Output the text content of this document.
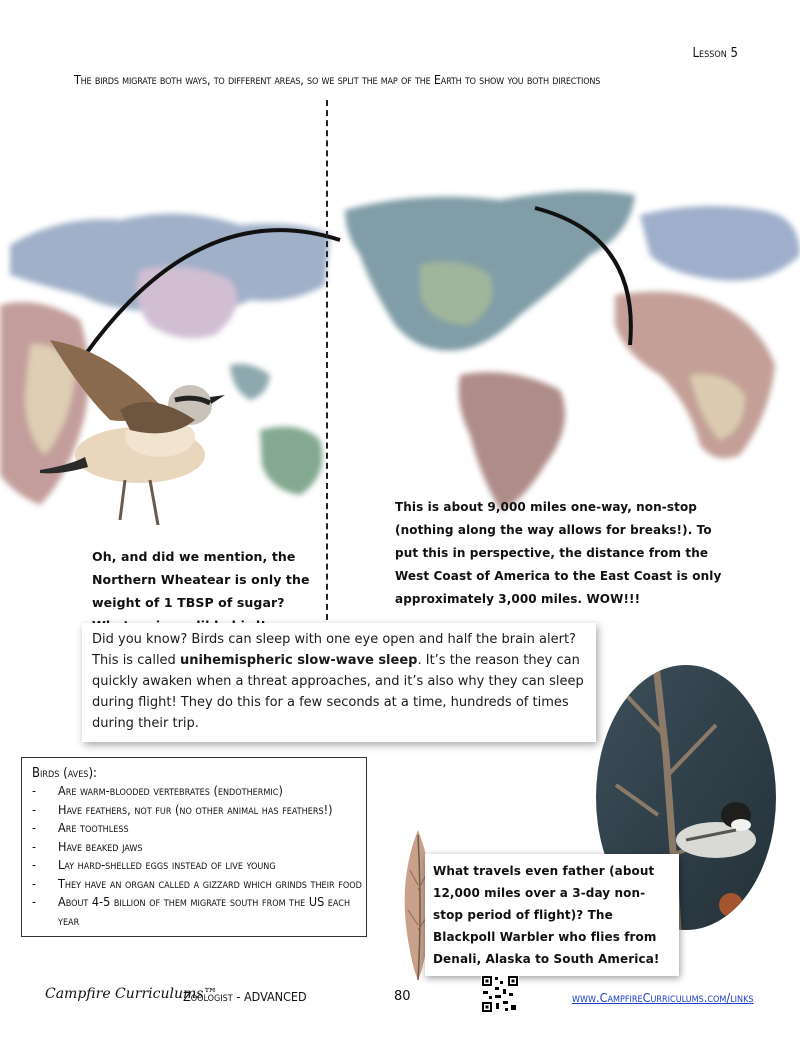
Lesson 5
The birds migrate both ways, to different areas, so we split the map of the Earth to show you both directions
This is about 9,000 miles one-way, non-stop (nothing along the way allows for breaks!). To put this in perspective, the distance from the West Coast of America to the East Coast is only approximately 3,000 miles. WOW!!!
Oh, and did we mention, the Northern Wheatear is only the weight of 1 TBSP of sugar?
Did you know? Birds can sleep with one eye open and half the brain alert? This is called unihemispheric slow-wave sleep. It’s the reason they can quickly awaken when a threat approaches, and it’s also why they can sleep during flight! They do this for a few seconds at a time, hundreds of times during their trip.
Birds (aves):
- Are warm-blooded vertebrates (endothermic)
- Have feathers, not fur (no other animal has feathers!)
- Are toothless
- Have beaked jaws
- Lay hard-shelled eggs instead of live young
- They have an organ called a gizzard which grinds their food
- About 4-5 billion of them migrate south from the US each year
What travels even father (about 12,000 miles over a 3-day non-stop period of flight)? The Blackpoll Warbler who flies from Denali, Alaska to South America!
Campfire Curriculums™
Zoologist - ADVANCED	80	www.CampfireCurriculums.com/links
